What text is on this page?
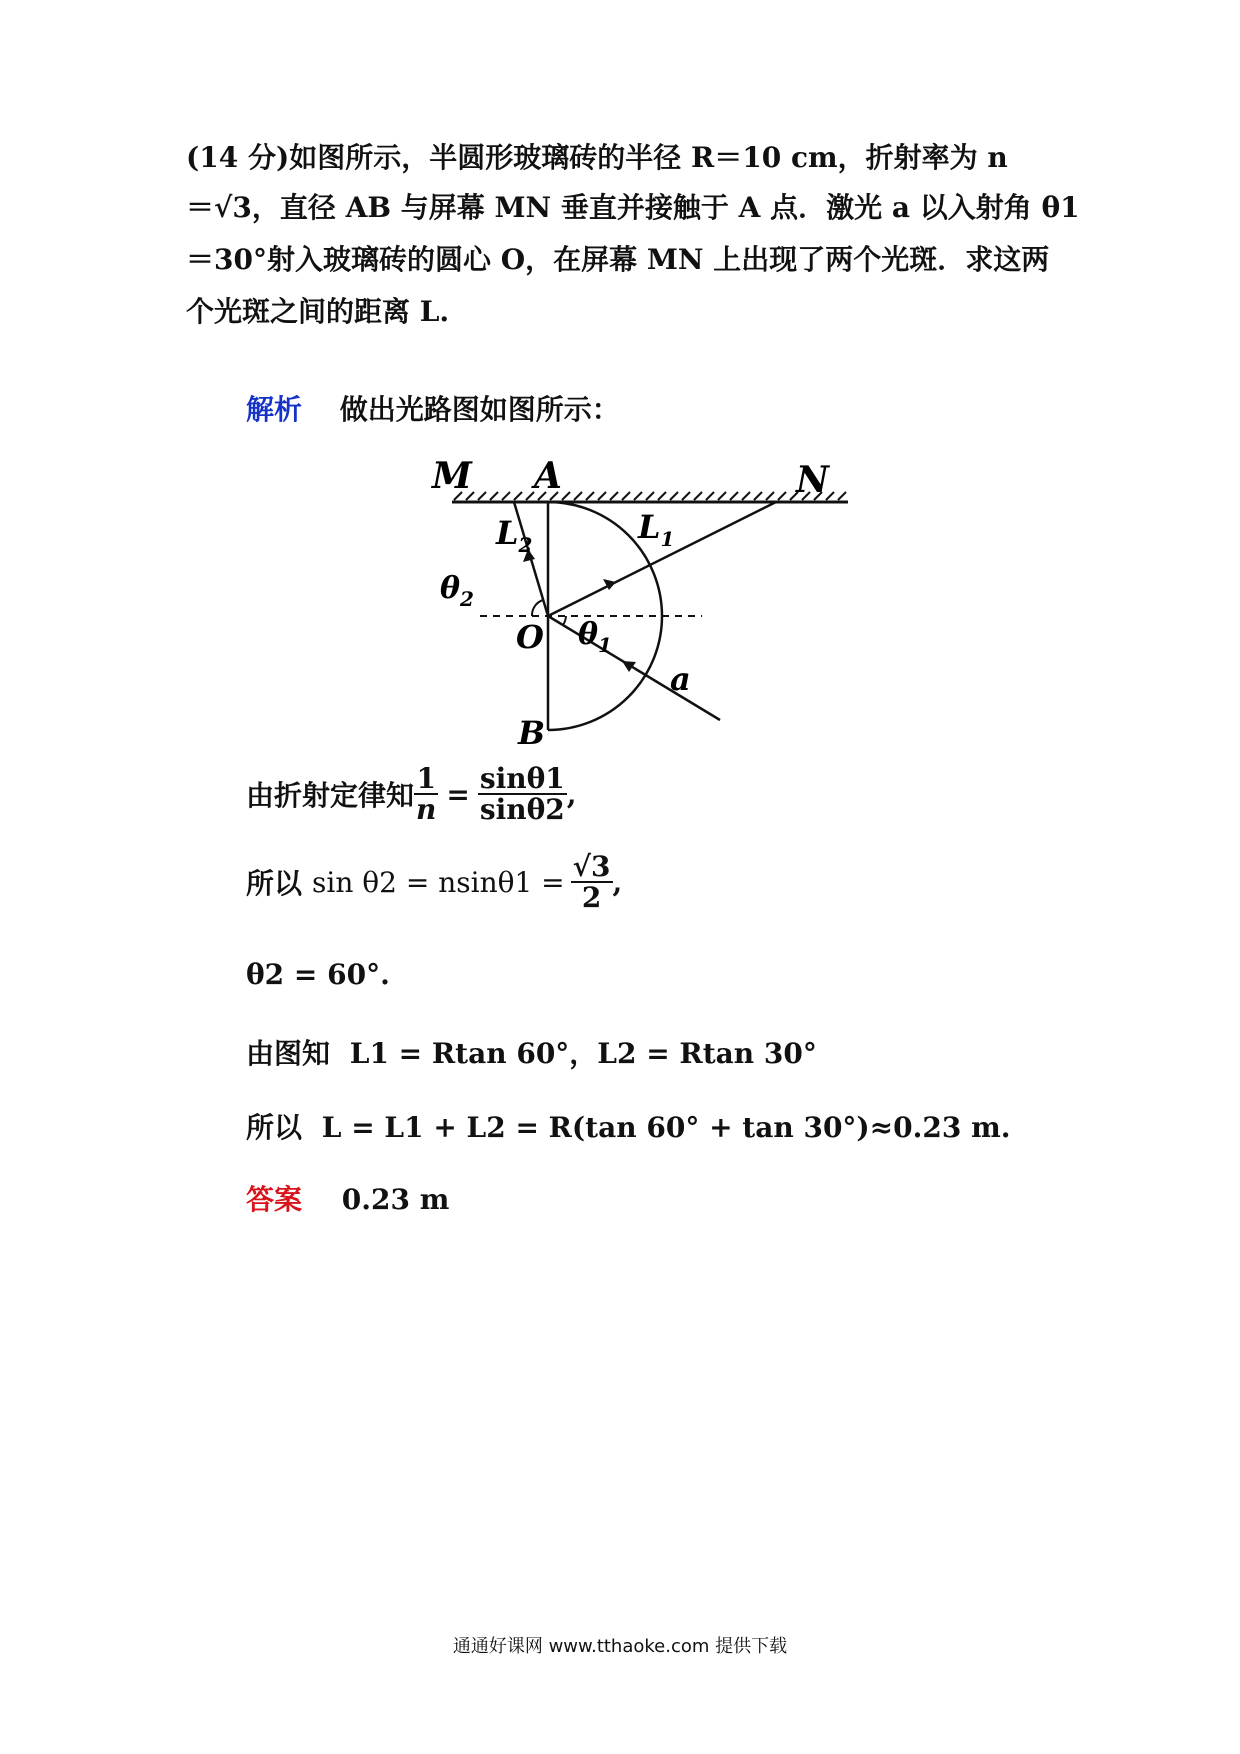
(14 分)如图所示，半圆形玻璃砖的半径 R＝10 cm，折射率为 n
＝√3，直径 AB 与屏幕 MN 垂直并接触于 A 点．激光 a 以入射角 θ1
＝30°射入玻璃砖的圆心 O，在屏幕 MN 上出现了两个光斑．求这两
个光斑之间的距离 L.
解析 做出光路图如图所示：
M A	N
B
O
a
$L_1$
$L_2$
$\theta_1$
$\theta_2$
由折射定律知 $\frac{1}{n} = \frac{\sin\theta 1}{\sin\theta 2}$ ,
所以 $\sin \theta 2 = nsin\theta 1 = \frac{√3}{2}$ ,
θ2 = 60°.
由图知 L1 = Rtan 60°，L2 = Rtan 30°
所以 L = L1 + L2 = R(tan 60° + tan 30°)≈0.23 m.
答案 0.23 m
通通好课网 www.tthaoke.com 提供下载
